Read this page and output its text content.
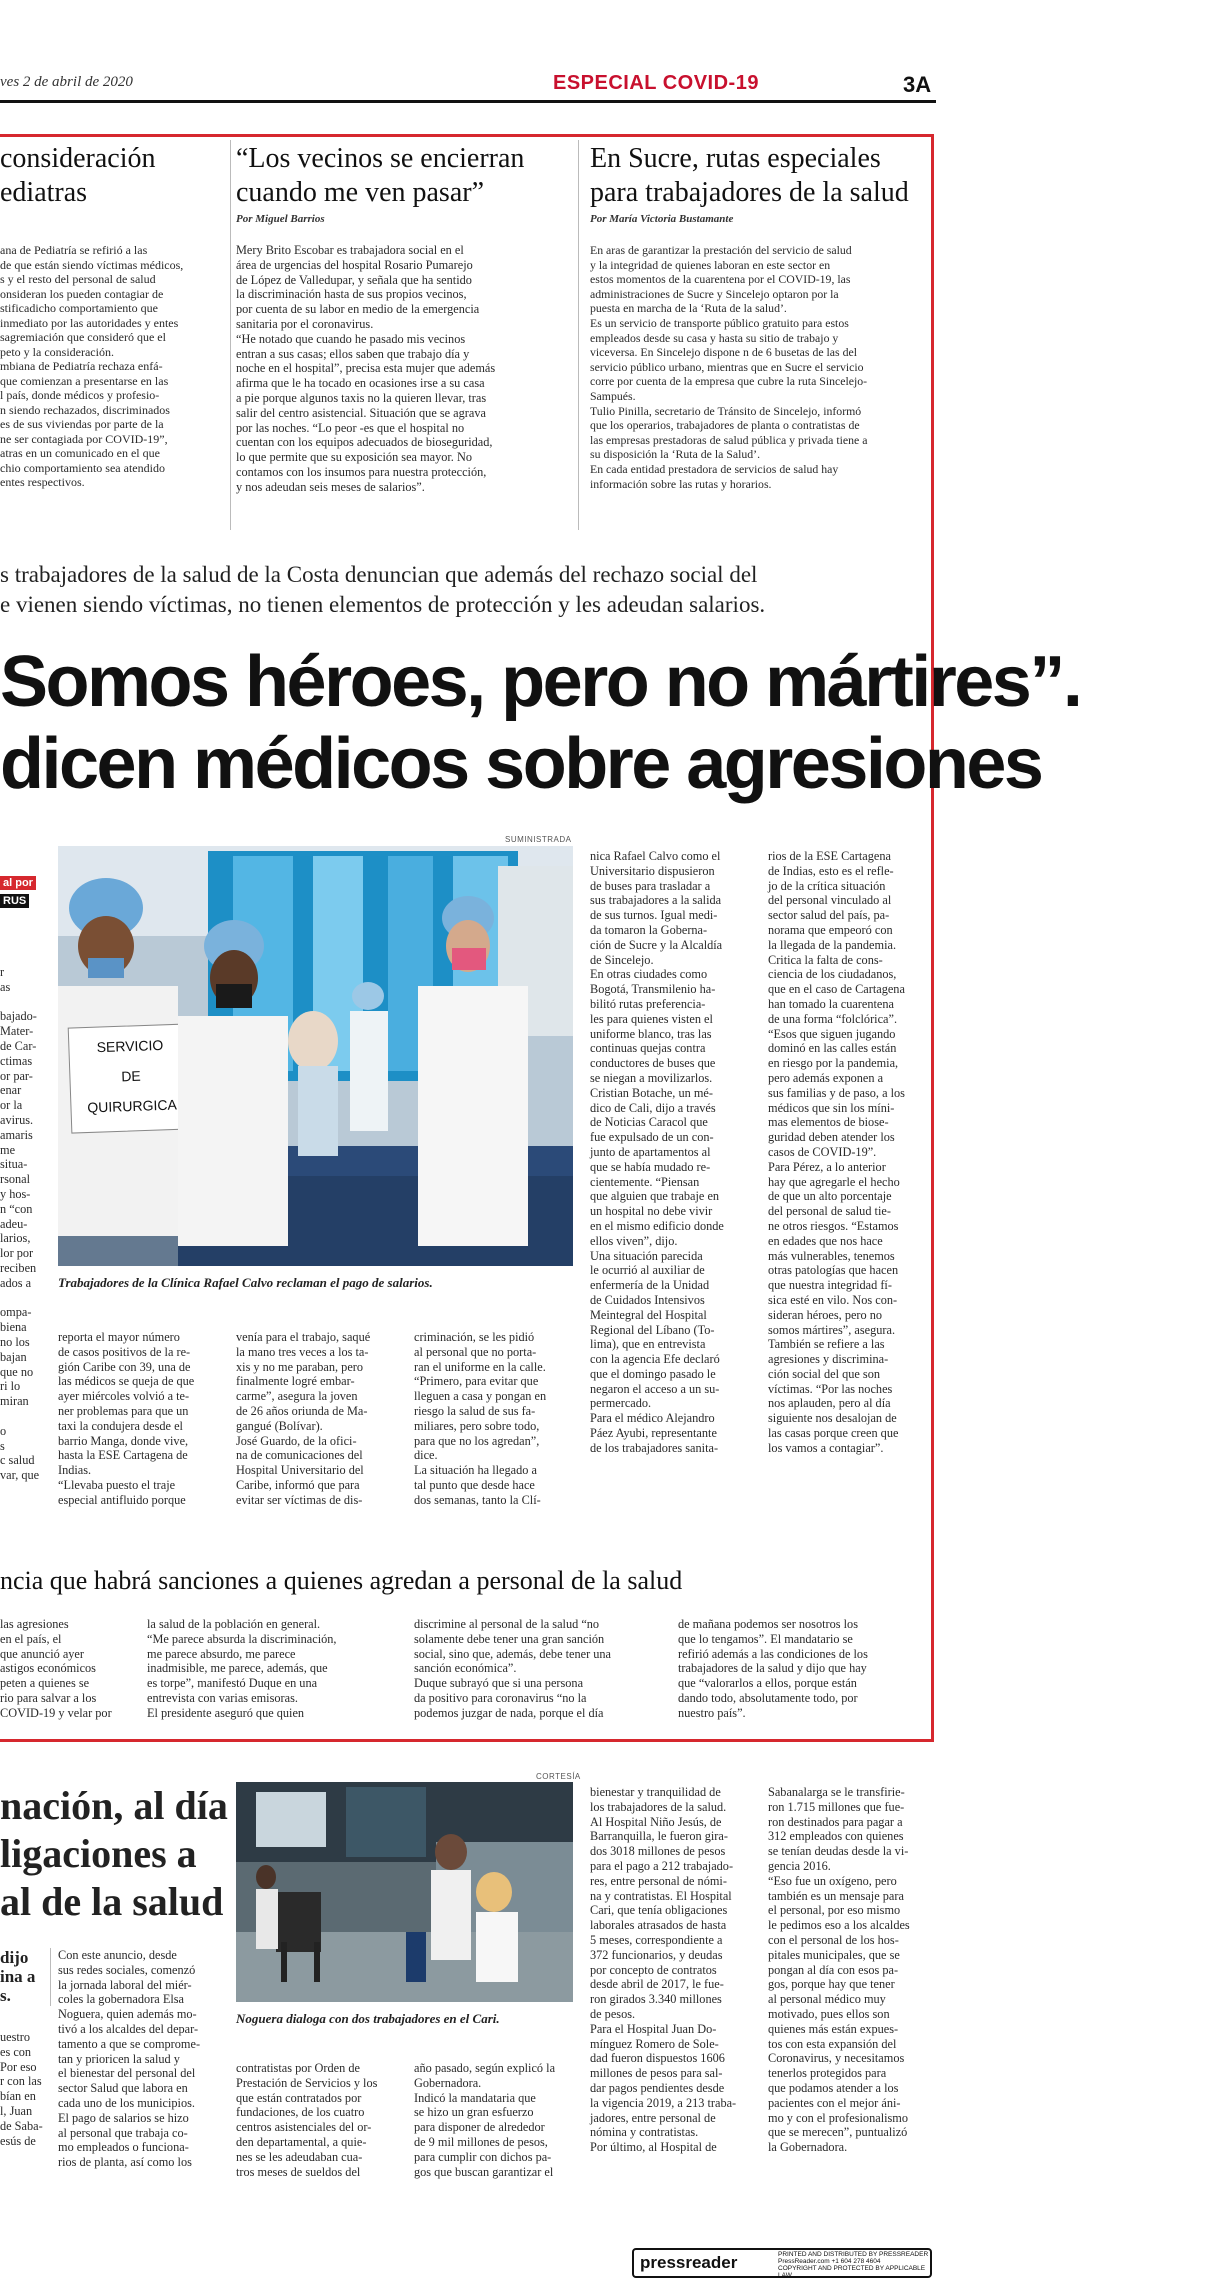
ves 2 de abril de 2020	ESPECIAL COVID-19	3A
consideración
ediatras
ana de Pediatría se refirió a las
de que están siendo víctimas médicos,
s y el resto del personal de salud
onsideran los pueden contagiar de
stificadicho comportamiento que
inmediato por las autoridades y entes
sagremiación que consideró que el
peto y la consideración.
mbiana de Pediatría rechaza enfá-
que comienzan a presentarse en las
l país, donde médicos y profesio-
n siendo rechazados, discriminados
es de sus viviendas por parte de la
ne ser contagiada por COVID-19”,
atras en un comunicado en el que
chio comportamiento sea atendido
entes respectivos.
“Los vecinos se encierran cuando me ven pasar”
Por Miguel Barrios
Mery Brito Escobar es trabajadora social en el
área de urgencias del hospital Rosario Pumarejo
de López de Valledupar, y señala que ha sentido
la discriminación hasta de sus propios vecinos,
por cuenta de su labor en medio de la emergencia
sanitaria por el coronavirus.
“He notado que cuando he pasado mis vecinos
entran a sus casas; ellos saben que trabajo día y
noche en el hospital”, precisa esta mujer que además
afirma que le ha tocado en ocasiones irse a su casa
a pie porque algunos taxis no la quieren llevar, tras
salir del centro asistencial. Situación que se agrava
por las noches. “Lo peor -es que el hospital no
cuentan con los equipos adecuados de bioseguridad,
lo que permite que su exposición sea mayor. No
contamos con los insumos para nuestra protección,
y nos adeudan seis meses de salarios”.
En Sucre, rutas especiales para trabajadores de la salud
Por María Victoria Bustamante
En aras de garantizar la prestación del servicio de salud
y la integridad de quienes laboran en este sector en
estos momentos de la cuarentena por el COVID-19, las
administraciones de Sucre y Sincelejo optaron por la
puesta en marcha de la ‘Ruta de la salud’.
Es un servicio de transporte público gratuito para estos
empleados desde su casa y hasta su sitio de trabajo y
viceversa. En Sincelejo dispone n de 6 busetas de las del
servicio público urbano, mientras que en Sucre el servicio
corre por cuenta de la empresa que cubre la ruta Sincelejo-
Sampués.
Tulio Pinilla, secretario de Tránsito de Sincelejo, informó
que los operarios, trabajadores de planta o contratistas de
las empresas prestadoras de salud pública y privada tiene a
su disposición la ‘Ruta de la Salud’.
En cada entidad prestadora de servicios de salud hay
información sobre las rutas y horarios.
s trabajadores de la salud de la Costa denuncian que además del rechazo social del
e vienen siendo víctimas, no tienen elementos de protección y les adeudan salarios.
Somos héroes, pero no mártires”.
dicen médicos sobre agresiones
al por
RUS
r
as

bajado-
Mater-
de Car-
ctimas
or par-
enar
or la
avirus.
amaris
me
situa-
rsonal
y hos-
n “con
adeu-
larios,
lor por
reciben
ados a

ompa-
biena
no los
bajan
que no
ri lo
miran

o
s
c salud
var, que
SUMINISTRADA
SERVICIO
DE
QUIRURGICA
Trabajadores de la Clínica Rafael Calvo reclaman el pago de salarios.
reporta el mayor número
de casos positivos de la re-
gión Caribe con 39, una de
las médicos se queja de que
ayer miércoles volvió a te-
ner problemas para que un
taxi la condujera desde el
barrio Manga, donde vive,
hasta la ESE Cartagena de
Indias.
“Llevaba puesto el traje
especial antifluido porque
venía para el trabajo, saqué
la mano tres veces a los ta-
xis y no me paraban, pero
finalmente logré embar-
carme”, asegura la joven
de 26 años oriunda de Ma-
gangué (Bolívar).
José Guardo, de la ofici-
na de comunicaciones del
Hospital Universitario del
Caribe, informó que para
evitar ser víctimas de dis-
criminación, se les pidió
al personal que no porta-
ran el uniforme en la calle.
“Primero, para evitar que
lleguen a casa y pongan en
riesgo la salud de sus fa-
miliares, pero sobre todo,
para que no los agredan”,
dice.
La situación ha llegado a
tal punto que desde hace
dos semanas, tanto la Clí-
nica Rafael Calvo como el
Universitario dispusieron
de buses para trasladar a
sus trabajadores a la salida
de sus turnos. Igual medi-
da tomaron la Goberna-
ción de Sucre y la Alcaldía
de Sincelejo.
En otras ciudades como
Bogotá, Transmilenio ha-
bilitó rutas preferencia-
les para quienes visten el
uniforme blanco, tras las
continuas quejas contra
conductores de buses que
se niegan a movilizarlos.
Cristian Botache, un mé-
dico de Cali, dijo a través
de Noticias Caracol que
fue expulsado de un con-
junto de apartamentos al
que se había mudado re-
cientemente. “Piensan
que alguien que trabaje en
un hospital no debe vivir
en el mismo edificio donde
ellos viven”, dijo.
Una situación parecida
le ocurrió al auxiliar de
enfermería de la Unidad
de Cuidados Intensivos
Meintegral del Hospital
Regional del Líbano (To-
lima), que en entrevista
con la agencia Efe declaró
que el domingo pasado le
negaron el acceso a un su-
permercado.
Para el médico Alejandro
Páez Ayubi, representante
de los trabajadores sanita-
rios de la ESE Cartagena
de Indias, esto es el refle-
jo de la crítica situación
del personal vinculado al
sector salud del país, pa-
norama que empeoró con
la llegada de la pandemia.
Critica la falta de cons-
ciencia de los ciudadanos,
que en el caso de Cartagena
han tomado la cuarentena
de una forma “folclórica”.
“Esos que siguen jugando
dominó en las calles están
en riesgo por la pandemia,
pero además exponen a
sus familias y de paso, a los
médicos que sin los míni-
mas elementos de biose-
guridad deben atender los
casos de COVID-19”.
Para Pérez, a lo anterior
hay que agregarle el hecho
de que un alto porcentaje
del personal de salud tie-
ne otros riesgos. “Estamos
en edades que nos hace
más vulnerables, tenemos
otras patologías que hacen
que nuestra integridad fí-
sica esté en vilo. Nos con-
sideran héroes, pero no
somos mártires”, asegura.
También se refiere a las
agresiones y discrimina-
ción social del que son
víctimas. “Por las noches
nos aplauden, pero al día
siguiente nos desalojan de
las casas porque creen que
los vamos a contagiar”.
ncia que habrá sanciones a quienes agredan a personal de la salud
las agresiones
en el país, el
que anunció ayer
astigos económicos
peten a quienes se
rio para salvar a los
COVID-19 y velar por
la salud de la población en general.
“Me parece absurda la discriminación,
me parece absurdo, me parece
inadmisible, me parece, además, que
es torpe”, manifestó Duque en una
entrevista con varias emisoras.
El presidente aseguró que quien
discrimine al personal de la salud “no
solamente debe tener una gran sanción
social, sino que, además, debe tener una
sanción económica”.
Duque subrayó que si una persona
da positivo para coronavirus “no la
podemos juzgar de nada, porque el día
de mañana podemos ser nosotros los
que lo tengamos”. El mandatario se
refirió además a las condiciones de los
trabajadores de la salud y dijo que hay
que “valorarlos a ellos, porque están
dando todo, absolutamente todo, por
nuestro país”.
nación, al día
ligaciones a
al de la salud
dijo
ina a
s.
uestro
es con
Por eso
r con las
bían en
l, Juan
de Saba-
esús de
CORTESÍA
Noguera dialoga con dos trabajadores en el Cari.
Con este anuncio, desde
sus redes sociales, comenzó
la jornada laboral del miér-
coles la gobernadora Elsa
Noguera, quien además mo-
tivó a los alcaldes del depar-
tamento a que se comprome-
tan y prioricen la salud y
el bienestar del personal del
sector Salud que labora en
cada uno de los municipios.
El pago de salarios se hizo
al personal que trabaja co-
mo empleados o funciona-
rios de planta, así como los
contratistas por Orden de
Prestación de Servicios y los
que están contratados por
fundaciones, de los cuatro
centros asistenciales del or-
den departamental, a quie-
nes se les adeudaban cua-
tros meses de sueldos del
año pasado, según explicó la
Gobernadora.
Indicó la mandataria que
se hizo un gran esfuerzo
para disponer de alrededor
de 9 mil millones de pesos,
para cumplir con dichos pa-
gos que buscan garantizar el
bienestar y tranquilidad de
los trabajadores de la salud.
Al Hospital Niño Jesús, de
Barranquilla, le fueron gira-
dos 3018 millones de pesos
para el pago a 212 trabajado-
res, entre personal de nómi-
na y contratistas. El Hospital
Cari, que tenía obligaciones
laborales atrasados de hasta
5 meses, correspondiente a
372 funcionarios, y deudas
por concepto de contratos
desde abril de 2017, le fue-
ron girados 3.340 millones
de pesos.
Para el Hospital Juan Do-
mínguez Romero de Sole-
dad fueron dispuestos 1606
millones de pesos para sal-
dar pagos pendientes desde
la vigencia 2019, a 213 traba-
jadores, entre personal de
nómina y contratistas.
Por último, al Hospital de
Sabanalarga se le transfirie-
ron 1.715 millones que fue-
ron destinados para pagar a
312 empleados con quienes
se tenían deudas desde la vi-
gencia 2016.
“Eso fue un oxígeno, pero
también es un mensaje para
el personal, por eso mismo
le pedimos eso a los alcaldes
con el personal de los hos-
pitales municipales, que se
pongan al día con esos pa-
gos, porque hay que tener
al personal médico muy
motivado, pues ellos son
quienes más están expues-
tos con esta expansión del
Coronavirus, y necesitamos
tenerlos protegidos para
que podamos atender a los
pacientes con el mejor áni-
mo y con el profesionalismo
que se merecen”, puntualizó
la Gobernadora.
pressreader	PRINTED AND DISTRIBUTED BY PRESSREADER
PressReader.com +1 604 278 4604
COPYRIGHT AND PROTECTED BY APPLICABLE LAW
